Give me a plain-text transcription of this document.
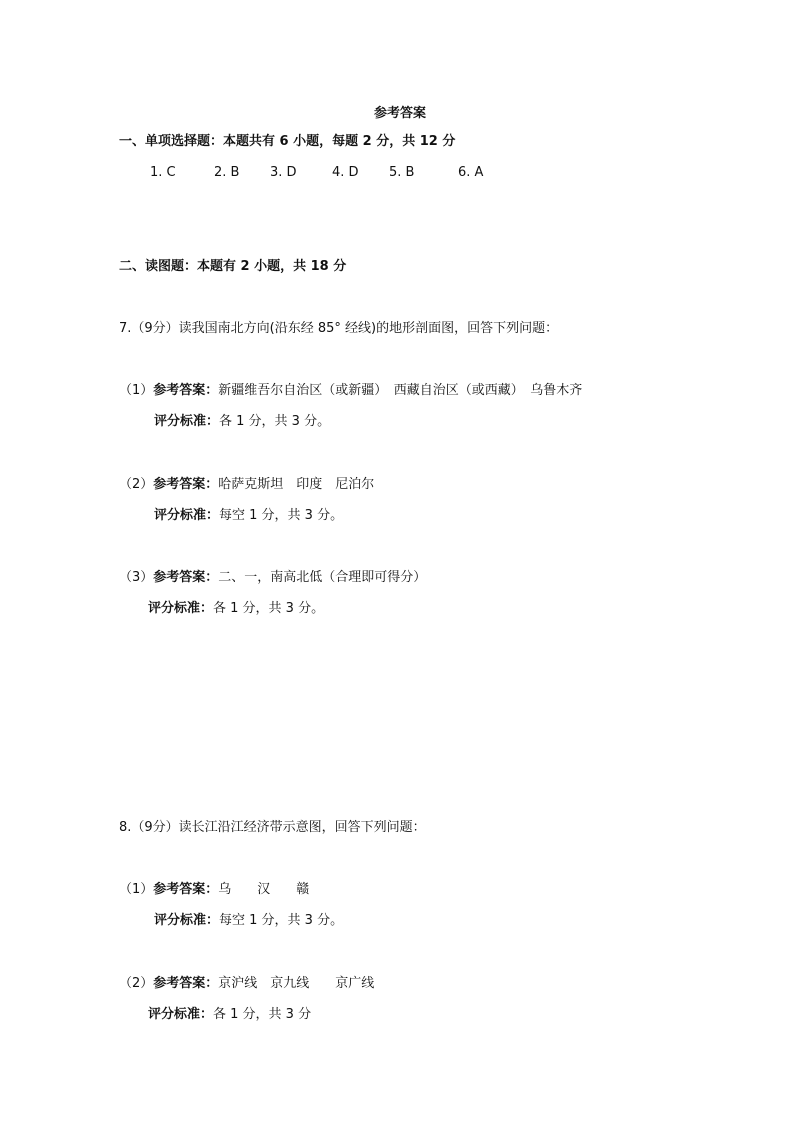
参考答案
一、单项选择题：本题共有 6 小题，每题 2 分，共 12 分
1. C	2. B 3. D	4. D 5. B	6. A
二、读图题：本题有 2 小题，共 18 分
7.（9分）读我国南北方向(沿东经 85° 经线)的地形剖面图，回答下列问题：
（1）参考答案：新疆维吾尔自治区（或新疆）　西藏自治区（或西藏）　乌鲁木齐
评分标准：各 1 分，共 3 分。
（2）参考答案：哈萨克斯坦　印度　尼泊尔
评分标准：每空 1 分，共 3 分。
（3）参考答案：二、一，南高北低（合理即可得分）
评分标准：各 1 分，共 3 分。
8.（9分）读长江沿江经济带示意图，回答下列问题：
（1）参考答案：乌　　汉　　赣
评分标准：每空 1 分，共 3 分。
（2）参考答案：京沪线　京九线　　京广线
评分标准：各 1 分，共 3 分
